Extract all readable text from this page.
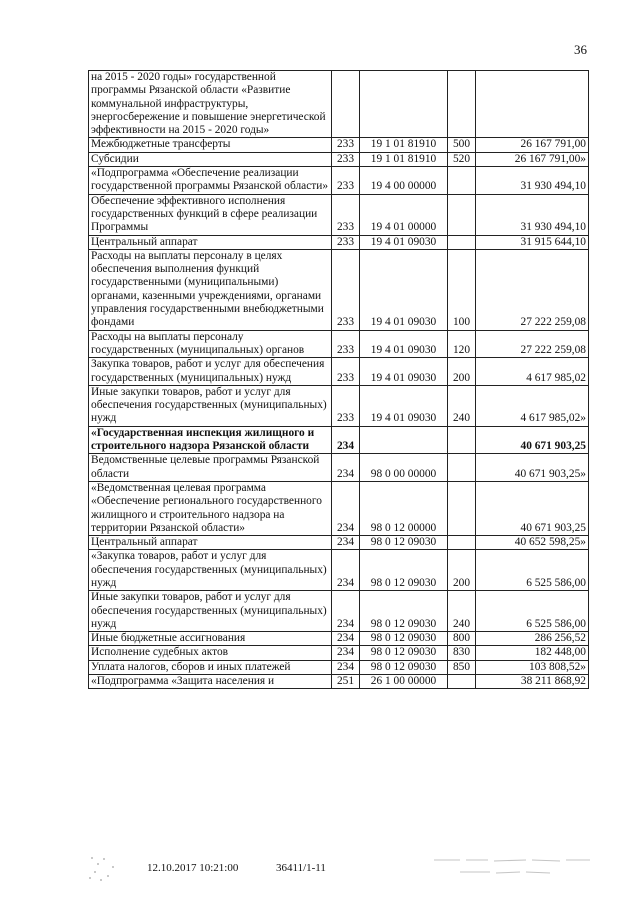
36
на 2015 - 2020 годы» государственной программы Рязанской области «Развитие коммунальной инфраструктуры, энергосбережение и повышение энергетической эффективности на 2015 - 2020 годы»				
Межбюджетные трансферты	233	19 1 01 81910	500	26 167 791,00
Субсидии	233	19 1 01 81910	520	26 167 791,00»
«Подпрограмма «Обеспечение реализации государственной программы Рязанской области»	233	19 4 00 00000		31 930 494,10
Обеспечение эффективного исполнения государственных функций в сфере реализации Программы	233	19 4 01 00000		31 930 494,10
Центральный аппарат	233	19 4 01 09030		31 915 644,10
Расходы на выплаты персоналу в целях обеспечения выполнения функций государственными (муниципальными) органами, казенными учреждениями, органами управления государственными внебюджетными фондами	233	19 4 01 09030	100	27 222 259,08
Расходы на выплаты персоналу государственных (муниципальных) органов	233	19 4 01 09030	120	27 222 259,08
Закупка товаров, работ и услуг для обеспечения государственных (муниципальных) нужд	233	19 4 01 09030	200	4 617 985,02
Иные закупки товаров, работ и услуг для обеспечения государственных (муниципальных) нужд	233	19 4 01 09030	240	4 617 985,02»
«Государственная инспекция жилищного и строительного надзора Рязанской области	234			40 671 903,25
Ведомственные целевые программы Рязанской области	234	98 0 00 00000		40 671 903,25»
«Ведомственная целевая программа «Обеспечение регионального государственного жилищного и строительного надзора на территории Рязанской области»	234	98 0 12 00000		40 671 903,25
Центральный аппарат	234	98 0 12 09030		40 652 598,25»
«Закупка товаров, работ и услуг для обеспечения государственных (муниципальных) нужд	234	98 0 12 09030	200	6 525 586,00
Иные закупки товаров, работ и услуг для обеспечения государственных (муниципальных) нужд	234	98 0 12 09030	240	6 525 586,00
Иные бюджетные ассигнования	234	98 0 12 09030	800	286 256,52
Исполнение судебных актов	234	98 0 12 09030	830	182 448,00
Уплата налогов, сборов и иных платежей	234	98 0 12 09030	850	103 808,52»
«Подпрограмма «Защита населения и	251	26 1 00 00000		38 211 868,92
12.10.2017 10:21:00	36411/1-11
